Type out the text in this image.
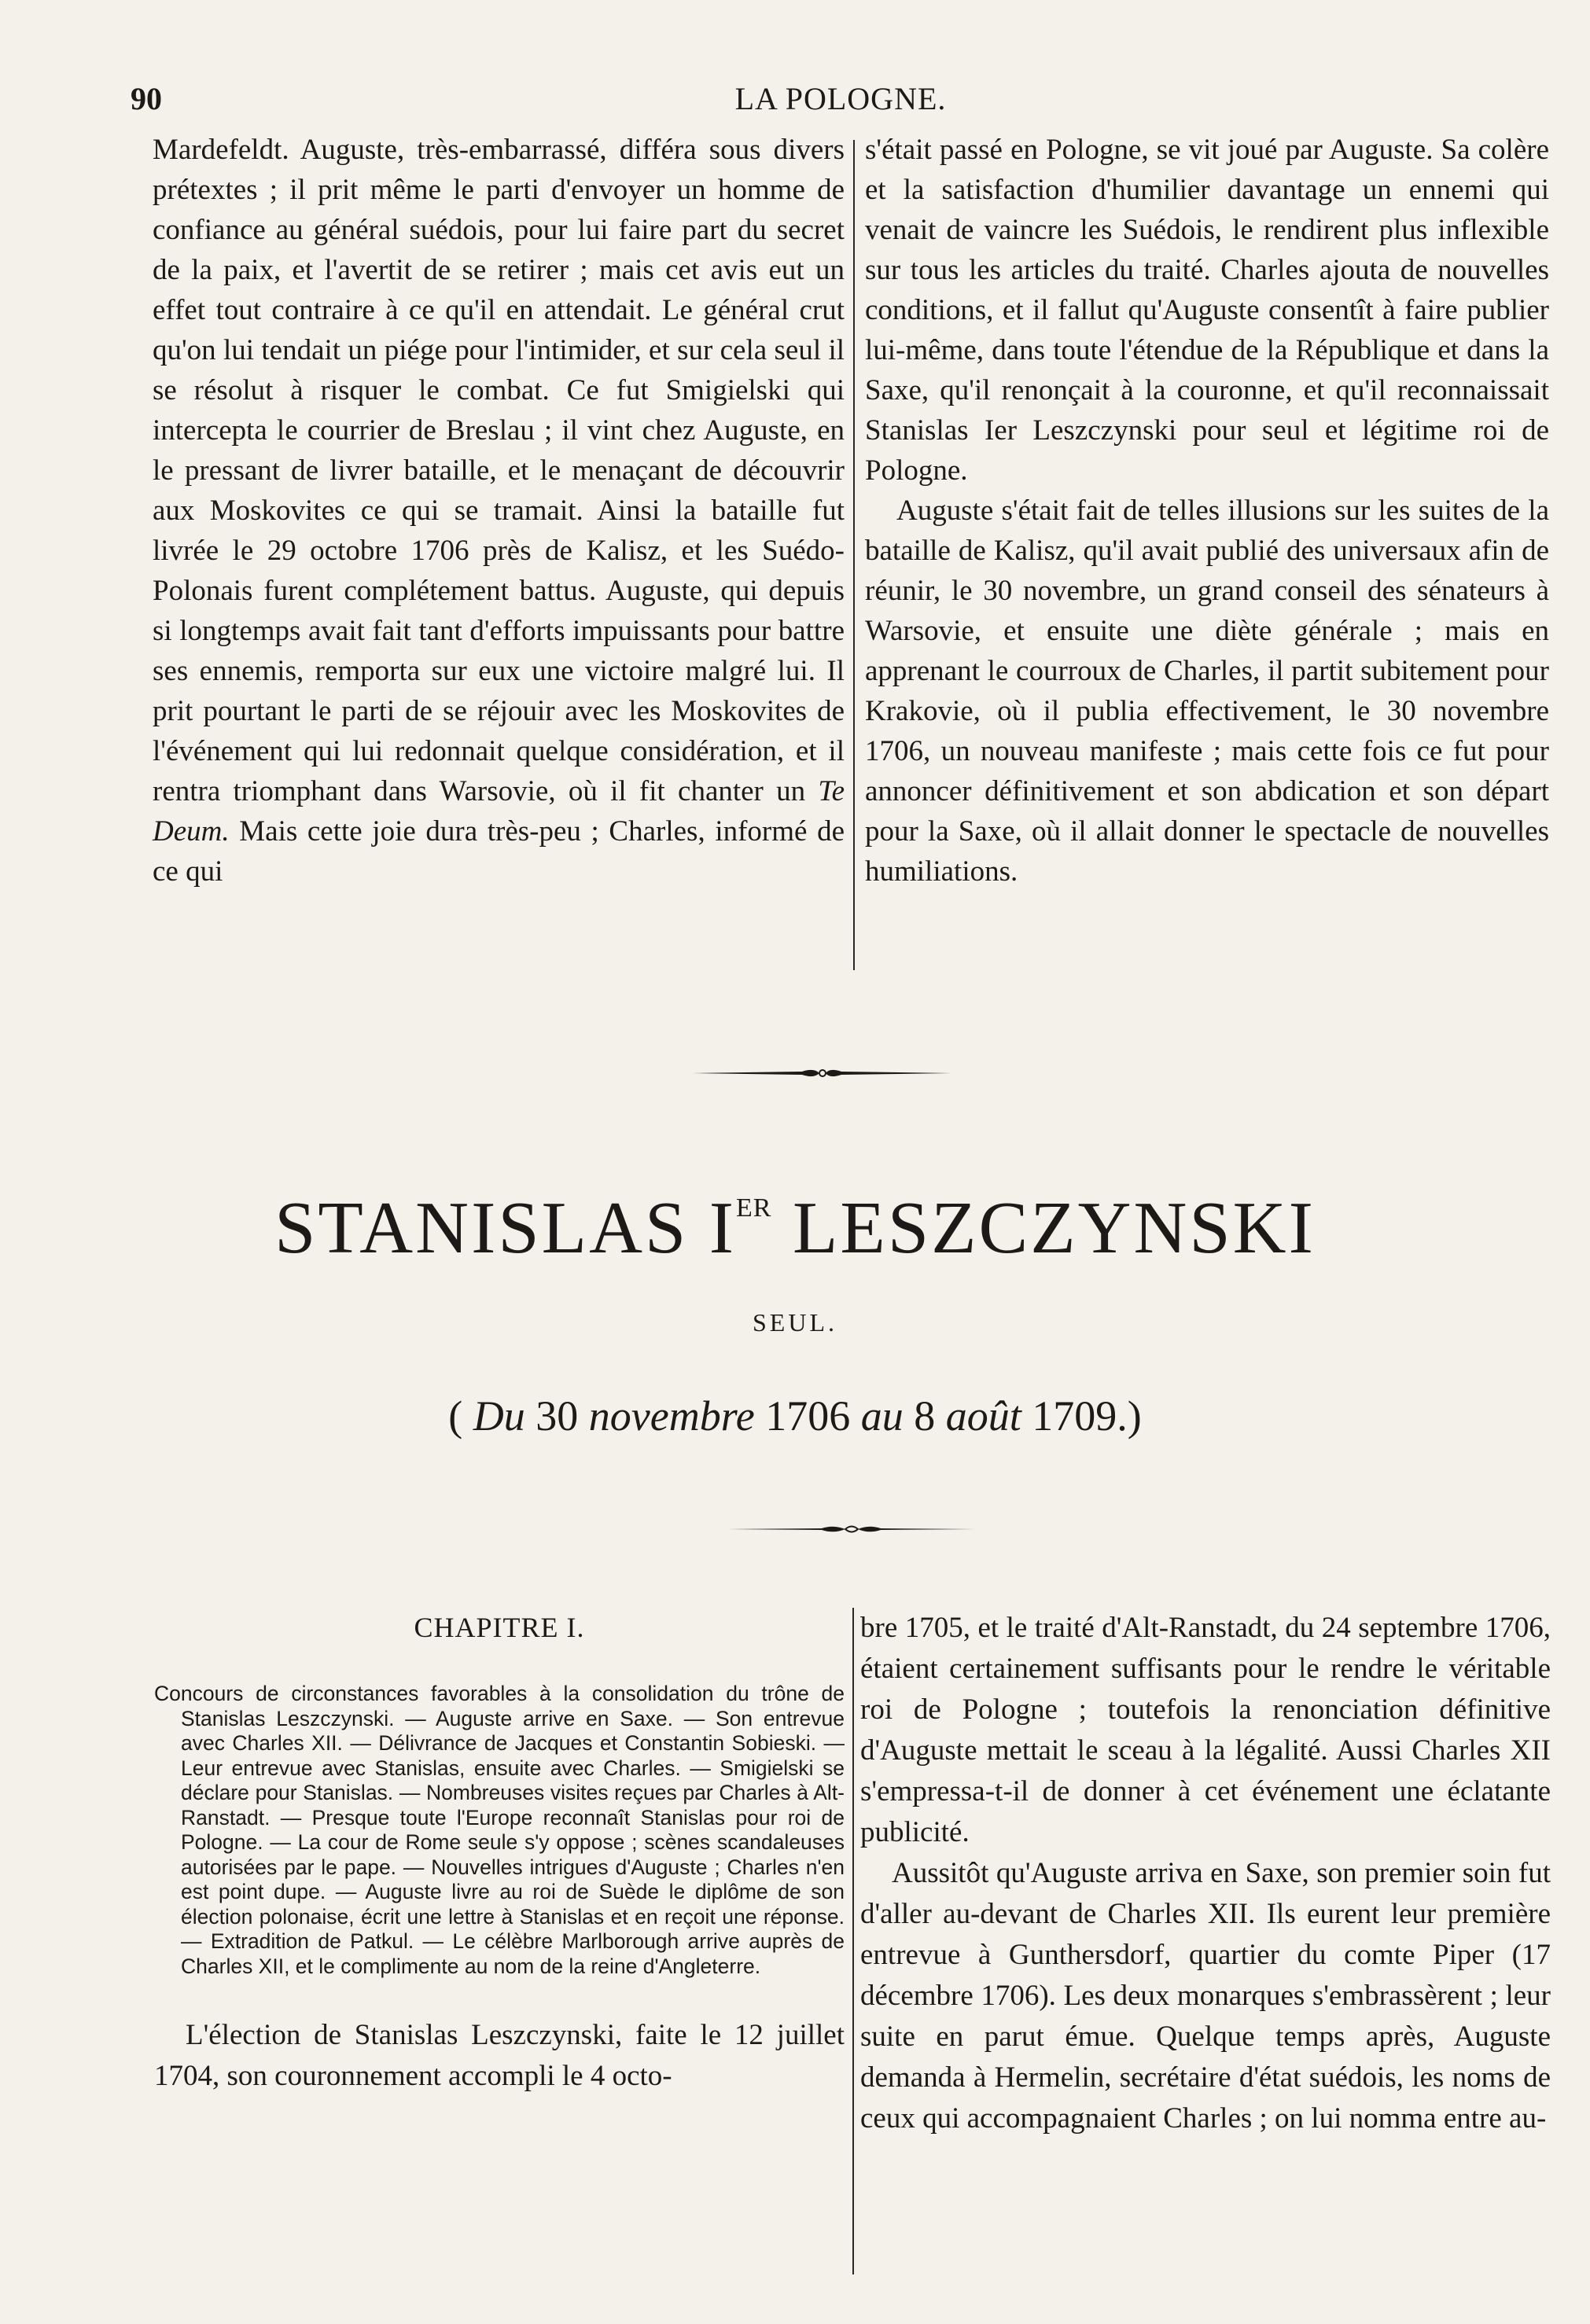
90	LA POLOGNE.

Mardefeldt. Auguste, très-embarrassé, différa sous divers prétextes ; il prit même le parti d'envoyer un homme de confiance au général suédois, pour lui faire part du secret de la paix, et l'avertit de se retirer ; mais cet avis eut un effet tout contraire à ce qu'il en attendait. Le général crut qu'on lui tendait un piége pour l'intimider, et sur cela seul il se résolut à risquer le combat. Ce fut Smigielski qui intercepta le courrier de Breslau ; il vint chez Auguste, en le pressant de livrer bataille, et le menaçant de découvrir aux Moskovites ce qui se tramait. Ainsi la bataille fut livrée le 29 octobre 1706 près de Kalisz, et les Suédo-Polonais furent complétement battus. Auguste, qui depuis si longtemps avait fait tant d'efforts impuissants pour battre ses ennemis, remporta sur eux une victoire malgré lui. Il prit pourtant le parti de se réjouir avec les Moskovites de l'événement qui lui redonnait quelque considération, et il rentra triomphant dans Warsovie, où il fit chanter un Te Deum. Mais cette joie dura très-peu ; Charles, informé de ce qui

s'était passé en Pologne, se vit joué par Auguste. Sa colère et la satisfaction d'humilier davantage un ennemi qui venait de vaincre les Suédois, le rendirent plus inflexible sur tous les articles du traité. Charles ajouta de nouvelles conditions, et il fallut qu'Auguste consentît à faire publier lui-même, dans toute l'étendue de la République et dans la Saxe, qu'il renonçait à la couronne, et qu'il reconnaissait Stanislas Ier Leszczynski pour seul et légitime roi de Pologne.

Auguste s'était fait de telles illusions sur les suites de la bataille de Kalisz, qu'il avait publié des universaux afin de réunir, le 30 novembre, un grand conseil des sénateurs à Warsovie, et ensuite une diète générale ; mais en apprenant le courroux de Charles, il partit subitement pour Krakovie, où il publia effectivement, le 30 novembre 1706, un nouveau manifeste ; mais cette fois ce fut pour annoncer définitivement et son abdication et son départ pour la Saxe, où il allait donner le spectacle de nouvelles humiliations.

STANISLAS IER LESZCZYNSKI
SEUL.
( Du 30 novembre 1706 au 8 août 1709.)
CHAPITRE I.
Concours de circonstances favorables à la consolidation du trône de Stanislas Leszczynski. — Auguste arrive en Saxe. — Son entrevue avec Charles XII. — Délivrance de Jacques et Constantin Sobieski. — Leur entrevue avec Stanislas, ensuite avec Charles. — Smigielski se déclare pour Stanislas. — Nombreuses visites reçues par Charles à Alt-Ranstadt. — Presque toute l'Europe reconnaît Stanislas pour roi de Pologne. — La cour de Rome seule s'y oppose ; scènes scandaleuses autorisées par le pape. — Nouvelles intrigues d'Auguste ; Charles n'en est point dupe. — Auguste livre au roi de Suède le diplôme de son élection polonaise, écrit une lettre à Stanislas et en reçoit une réponse. — Extradition de Patkul. — Le célèbre Marlborough arrive auprès de Charles XII, et le complimente au nom de la reine d'Angleterre.

L'élection de Stanislas Leszczynski, faite le 12 juillet 1704, son couronnement accompli le 4 octo-

bre 1705, et le traité d'Alt-Ranstadt, du 24 septembre 1706, étaient certainement suffisants pour le rendre le véritable roi de Pologne ; toutefois la renonciation définitive d'Auguste mettait le sceau à la légalité. Aussi Charles XII s'empressa-t-il de donner à cet événement une éclatante publicité.

Aussitôt qu'Auguste arriva en Saxe, son premier soin fut d'aller au-devant de Charles XII. Ils eurent leur première entrevue à Gunthersdorf, quartier du comte Piper (17 décembre 1706). Les deux monarques s'embrassèrent ; leur suite en parut émue. Quelque temps après, Auguste demanda à Hermelin, secrétaire d'état suédois, les noms de ceux qui accompagnaient Charles ; on lui nomma entre au-
